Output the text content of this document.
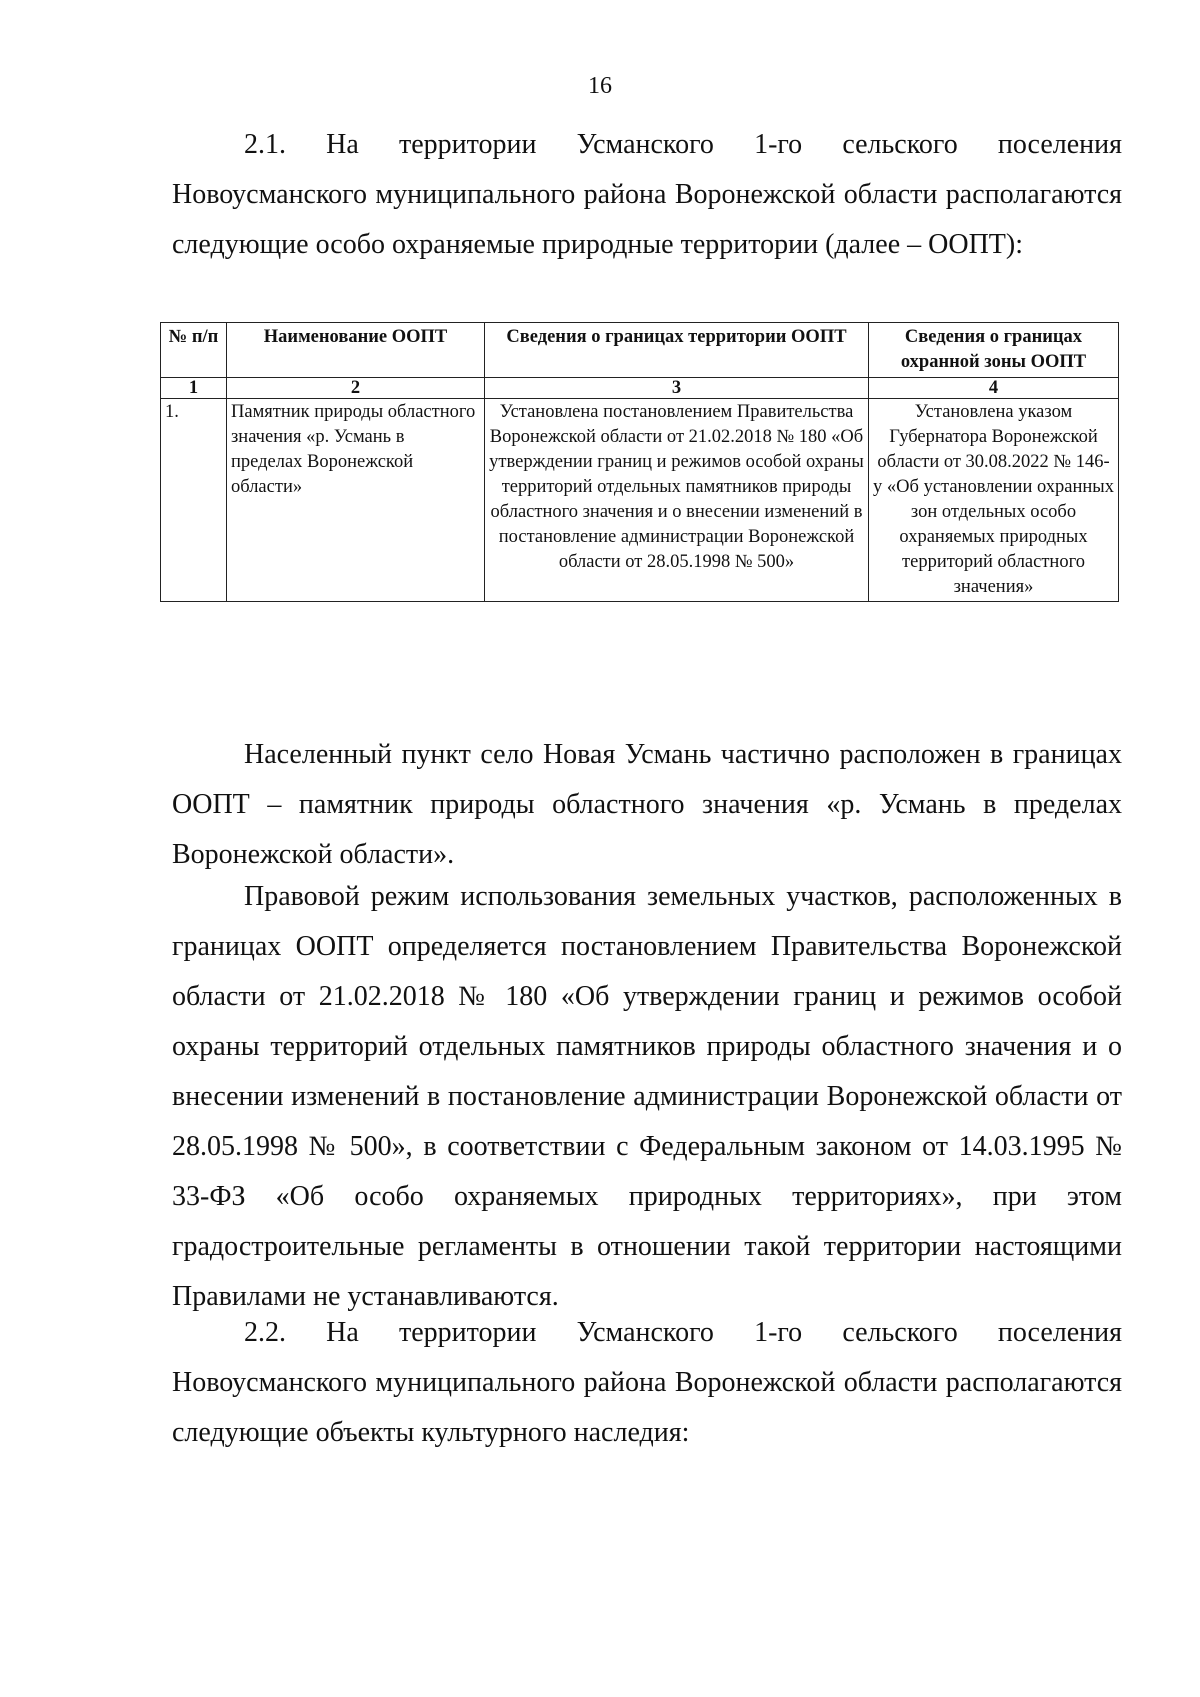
16

2.1. На территории Усманского 1-го сельского поселения Новоусманского муниципального района Воронежской области располагаются следующие особо охраняемые природные территории (далее – ООПТ):

№ п/п	Наименование ООПТ	Сведения о границах территории ООПТ	Сведения о границах охранной зоны ООПТ
1	2	3	4
1.	Памятник природы областного значения «р. Усмань в пределах Воронежской области»	Установлена постановлением Правительства Воронежской области от 21.02.2018 № 180 «Об утверждении границ и режимов особой охраны территорий отдельных памятников природы областного значения и о внесении изменений в постановление администрации Воронежской области от 28.05.1998 № 500»	Установлена указом Губернатора Воронежской области от 30.08.2022 № 146-у «Об установлении охранных зон отдельных особо охраняемых природных территорий областного значения»

Населенный пункт село Новая Усмань частично расположен в границах ООПТ – памятник природы областного значения «р. Усмань в пределах Воронежской области».

Правовой режим использования земельных участков, расположенных в границах ООПТ определяется постановлением Правительства Воронежской области от 21.02.2018 № 180 «Об утверждении границ и режимов особой охраны территорий отдельных памятников природы областного значения и о внесении изменений в постановление администрации Воронежской области от 28.05.1998 № 500», в соответствии с Федеральным законом от 14.03.1995 № 33-ФЗ «Об особо охраняемых природных территориях», при этом градостроительные регламенты в отношении такой территории настоящими Правилами не устанавливаются.

2.2. На территории Усманского 1-го сельского поселения Новоусманского муниципального района Воронежской области располагаются следующие объекты культурного наследия:
